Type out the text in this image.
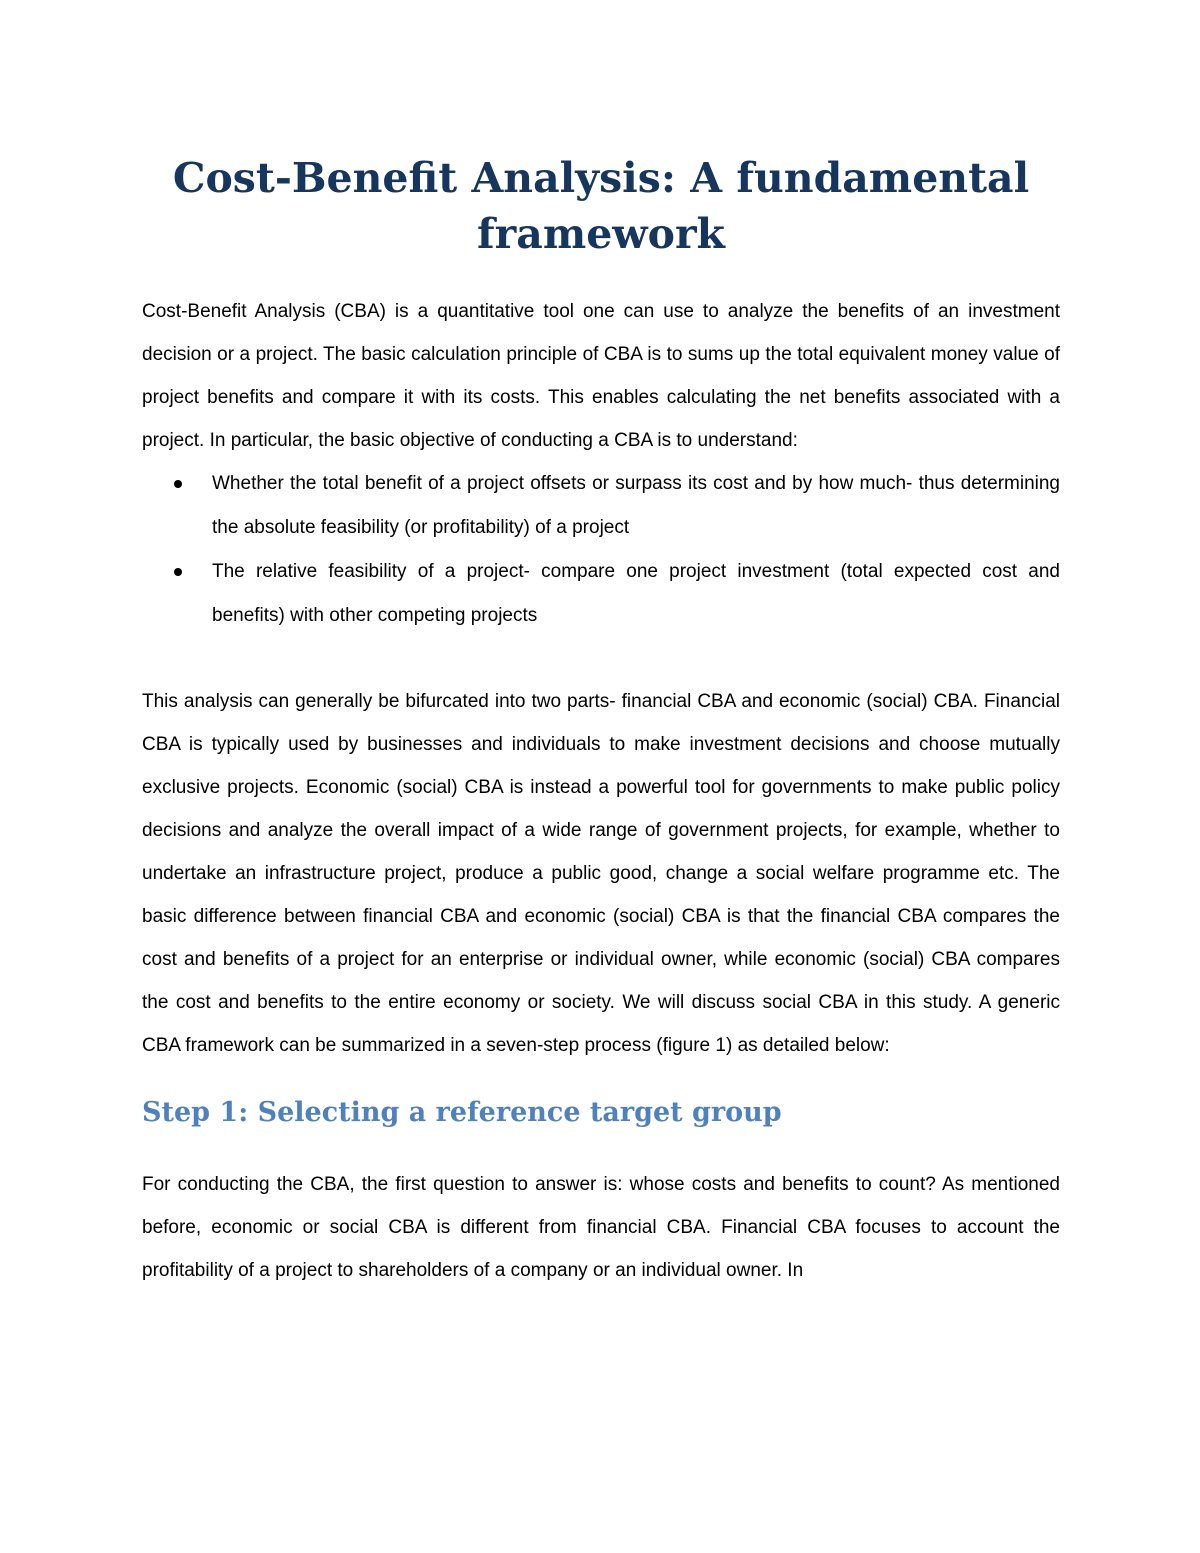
Cost-Benefit Analysis: A fundamental
framework

Cost-Benefit Analysis (CBA) is a quantitative tool one can use to analyze the benefits of an investment decision or a project. The basic calculation principle of CBA is to sums up the total equivalent money value of project benefits and compare it with its costs. This enables calculating the net benefits associated with a project. In particular, the basic objective of conducting a CBA is to understand:

Whether the total benefit of a project offsets or surpass its cost and by how much- thus determining the absolute feasibility (or profitability) of a project
The relative feasibility of a project- compare one project investment (total expected cost and benefits) with other competing projects

This analysis can generally be bifurcated into two parts- financial CBA and economic (social) CBA. Financial CBA is typically used by businesses and individuals to make investment decisions and choose mutually exclusive projects. Economic (social) CBA is instead a powerful tool for governments to make public policy decisions and analyze the overall impact of a wide range of government projects, for example, whether to undertake an infrastructure project, produce a public good, change a social welfare programme etc. The basic difference between financial CBA and economic (social) CBA is that the financial CBA compares the cost and benefits of a project for an enterprise or individual owner, while economic (social) CBA compares the cost and benefits to the entire economy or society. We will discuss social CBA in this study. A generic CBA framework can be summarized in a seven-step process (figure 1) as detailed below:

Step 1: Selecting a reference target group

For conducting the CBA, the first question to answer is: whose costs and benefits to count? As mentioned before, economic or social CBA is different from financial CBA. Financial CBA focuses to account the profitability of a project to shareholders of a company or an individual owner. In
